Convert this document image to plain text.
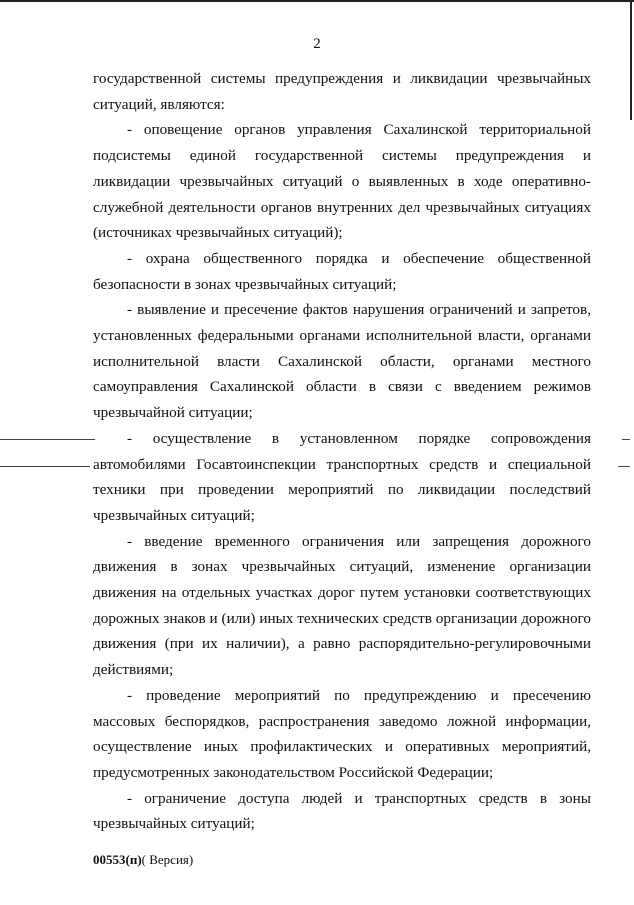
2

государственной системы предупреждения и ликвидации чрезвычайных ситуаций, являются:

- оповещение органов управления Сахалинской территориальной подсистемы единой государственной системы предупреждения и ликвидации чрезвычайных ситуаций о выявленных в ходе оперативно-служебной деятельности органов внутренних дел чрезвычайных ситуациях (источниках чрезвычайных ситуаций);

- охрана общественного порядка и обеспечение общественной безопасности в зонах чрезвычайных ситуаций;

- выявление и пресечение фактов нарушения ограничений и запретов, установленных федеральными органами исполнительной власти, органами исполнительной власти Сахалинской области, органами местного самоуправления Сахалинской области в связи с введением режимов чрезвычайной ситуации;

- осуществление в установленном порядке сопровождения автомобилями Госавтоинспекции транспортных средств и специальной техники при проведении мероприятий по ликвидации последствий чрезвычайных ситуаций;

- введение временного ограничения или запрещения дорожного движения в зонах чрезвычайных ситуаций, изменение организации движения на отдельных участках дорог путем установки соответствующих дорожных знаков и (или) иных технических средств организации дорожного движения (при их наличии), а равно распорядительно-регулировочными действиями;

- проведение мероприятий по предупреждению и пресечению массовых беспорядков, распространения заведомо ложной информации, осуществление иных профилактических и оперативных мероприятий, предусмотренных законодательством Российской Федерации;

- ограничение доступа людей и транспортных средств в зоны чрезвычайных ситуаций;

00553(п)( Версия)
